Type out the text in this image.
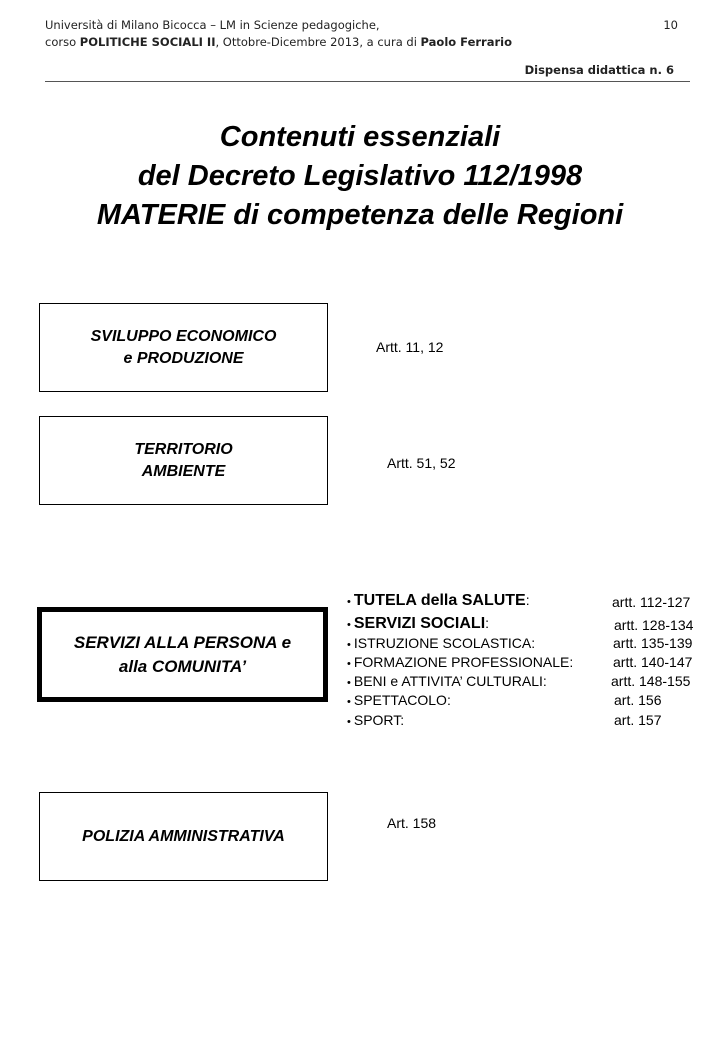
Università di Milano Bicocca – LM in Scienze pedagogiche,
corso POLITICHE SOCIALI II, Ottobre-Dicembre 2013, a cura di Paolo Ferrario
10
Dispensa didattica n. 6
Contenuti essenziali
del Decreto Legislativo 112/1998
MATERIE di competenza delle Regioni
SVILUPPO ECONOMICO
e PRODUZIONE
Artt. 11, 12
TERRITORIO
AMBIENTE	Artt. 51, 52
SERVIZI ALLA PERSONA e
alla COMUNITA’
• TUTELA della SALUTE:	artt. 112-127
• SERVIZI SOCIALI:	artt. 128-134
• ISTRUZIONE SCOLASTICA:	artt. 135-139
• FORMAZIONE PROFESSIONALE:	artt. 140-147
• BENI e ATTIVITA’ CULTURALI:	artt. 148-155
• SPETTACOLO:	art. 156
• SPORT:	art. 157
POLIZIA AMMINISTRATIVA
Art. 158
